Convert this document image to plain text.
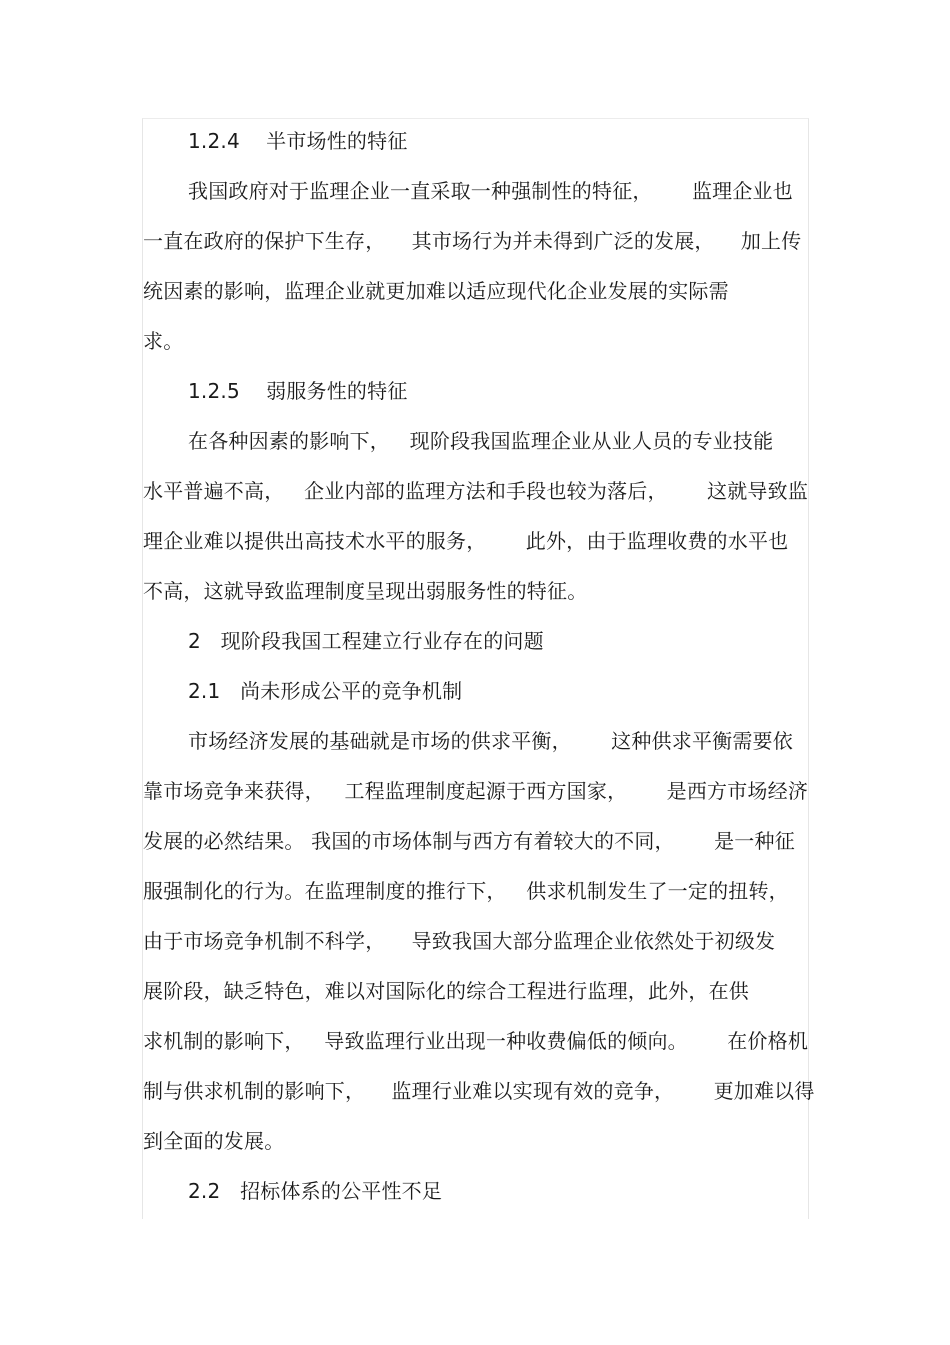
1.2.4    半市场性的特征
我国政府对于监理企业一直采取一种强制性的特征，      监理企业也
一直在政府的保护下生存，    其市场行为并未得到广泛的发展，    加上传
统因素的影响，监理企业就更加难以适应现代化企业发展的实际需
求。
1.2.5    弱服务性的特征
在各种因素的影响下，   现阶段我国监理企业从业人员的专业技能
水平普遍不高，   企业内部的监理方法和手段也较为落后，      这就导致监
理企业难以提供出高技术水平的服务，      此外，由于监理收费的水平也
不高，这就导致监理制度呈现出弱服务性的特征。
2   现阶段我国工程建立行业存在的问题
2.1   尚未形成公平的竞争机制
市场经济发展的基础就是市场的供求平衡，      这种供求平衡需要依
靠市场竞争来获得，   工程监理制度起源于西方国家，      是西方市场经济
发展的必然结果。 我国的市场体制与西方有着较大的不同，      是一种征
服强制化的行为。在监理制度的推行下，   供求机制发生了一定的扭转，
由于市场竞争机制不科学，    导致我国大部分监理企业依然处于初级发
展阶段，缺乏特色，难以对国际化的综合工程进行监理，此外，在供
求机制的影响下，   导致监理行业出现一种收费偏低的倾向。      在价格机
制与供求机制的影响下，    监理行业难以实现有效的竞争，      更加难以得
到全面的发展。
2.2   招标体系的公平性不足
